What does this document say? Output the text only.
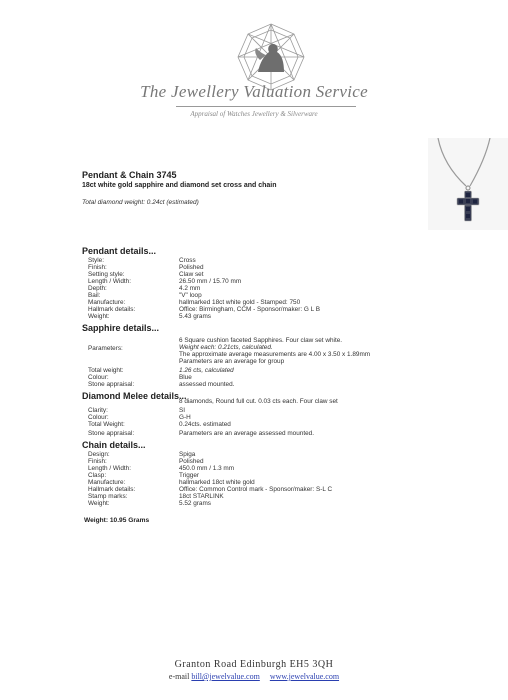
The Jewellery Valuation Service
Appraisal of Watches Jewellery & Silverware
Pendant & Chain 3745
18ct white gold sapphire and diamond set cross and chain
Total diamond weight: 0.24ct (estimated)
Pendant details...
Style:	Cross
Finish:	Polished
Setting style:	Claw set
Length / Width:	26.50 mm / 15.70 mm
Depth:	4.2 mm
Bail:	"V" loop
Manufacture:	hallmarked 18ct white gold - Stamped: 750
Hallmark details:	Office: Birmingham, CCM - Sponsor/maker: G L B
Weight:	5.43 grams
Sapphire details...
6 Square cushion faceted Sapphires. Four claw set white.
Parameters:	Weight each: 0.21cts, calculated.
The approximate average measurements are 4.00 x 3.50 x 1.89mm
Parameters are an average for group
Total weight:	1.26 cts, calculated
Colour:	Blue
Stone appraisal:	assessed mounted.
Diamond Melee details...
8 diamonds, Round full cut. 0.03 cts each. Four claw set
Clarity:	SI
Colour:	G-H
Total Weight:	0.24cts. estimated
Stone appraisal:	Parameters are an average assessed mounted.
Chain details...
Design:	Spiga
Finish:	Polished
Length / Width:	450.0 mm / 1.3 mm
Clasp:	Trigger
Manufacture:	hallmarked 18ct white gold
Hallmark details:	Office: Common Control mark - Sponsor/maker: S-L C
Stamp marks:	18ct STARLINK
Weight:	5.52 grams
Weight: 10.95 Grams
Granton Road Edinburgh EH5 3QH
e-mail bill@jewelvalue.com www.jewelvalue.com
